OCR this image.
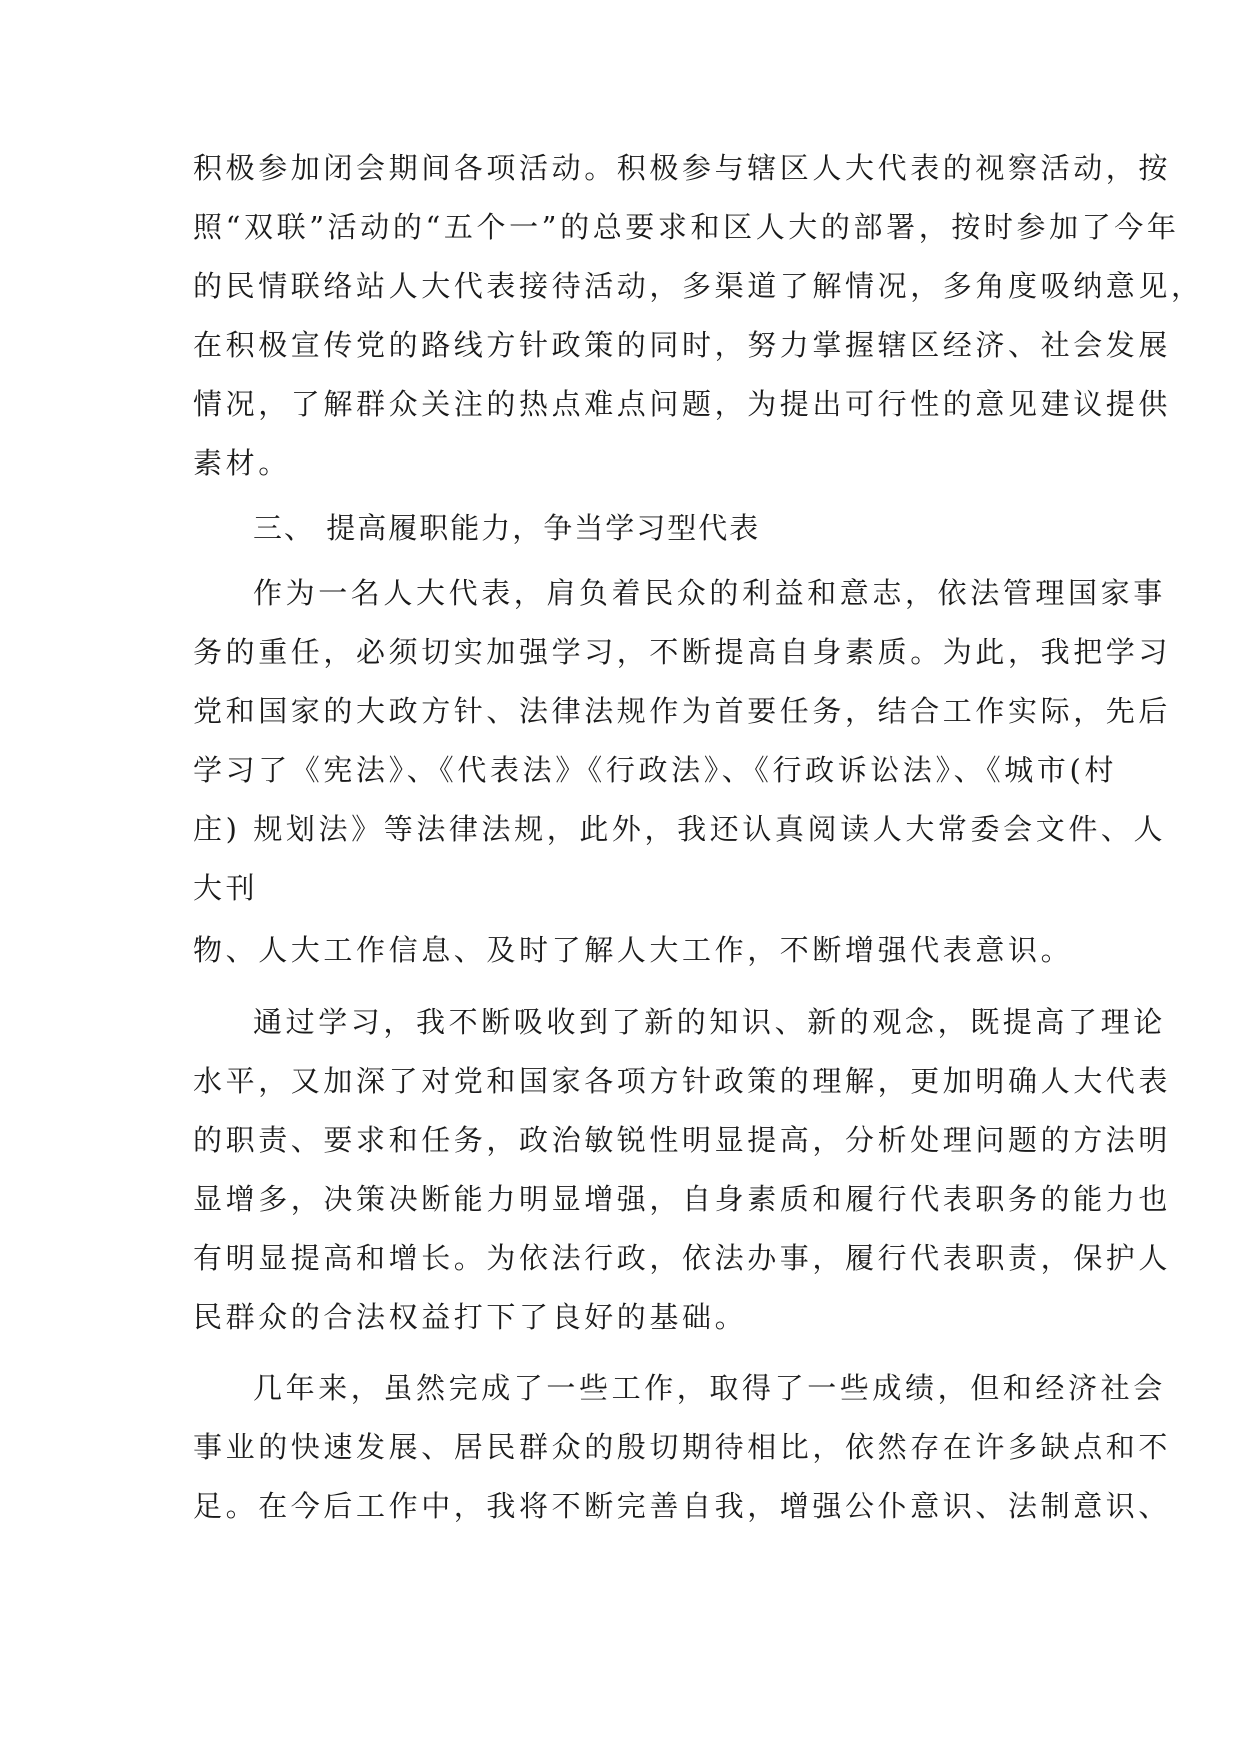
积极参加闭会期间各项活动。积极参与辖区人大代表的视察活动，按
照“双联”活动的“五个一”的总要求和区人大的部署，按时参加了今年
的民情联络站人大代表接待活动，多渠道了解情况，多角度吸纳意见，
在积极宣传党的路线方针政策的同时，努力掌握辖区经济、社会发展
情况，了解群众关注的热点难点问题，为提出可行性的意见建议提供
素材。
三、 提高履职能力，争当学习型代表
作为一名人大代表，肩负着民众的利益和意志，依法管理国家事
务的重任，必须切实加强学习，不断提高自身素质。为此，我把学习
党和国家的大政方针、法律法规作为首要任务，结合工作实际，先后
学习了《宪法》、《代表法》《行政法》、《行政诉讼法》、《城市(村
庄) 规划法》等法律法规，此外，我还认真阅读人大常委会文件、人
大刊
物、人大工作信息、及时了解人大工作，不断增强代表意识。
通过学习，我不断吸收到了新的知识、新的观念，既提高了理论
水平，又加深了对党和国家各项方针政策的理解，更加明确人大代表
的职责、要求和任务，政治敏锐性明显提高，分析处理问题的方法明
显增多，决策决断能力明显增强，自身素质和履行代表职务的能力也
有明显提高和增长。为依法行政，依法办事，履行代表职责，保护人
民群众的合法权益打下了良好的基础。
几年来，虽然完成了一些工作，取得了一些成绩，但和经济社会
事业的快速发展、居民群众的殷切期待相比，依然存在许多缺点和不
足。在今后工作中，我将不断完善自我，增强公仆意识、法制意识、
